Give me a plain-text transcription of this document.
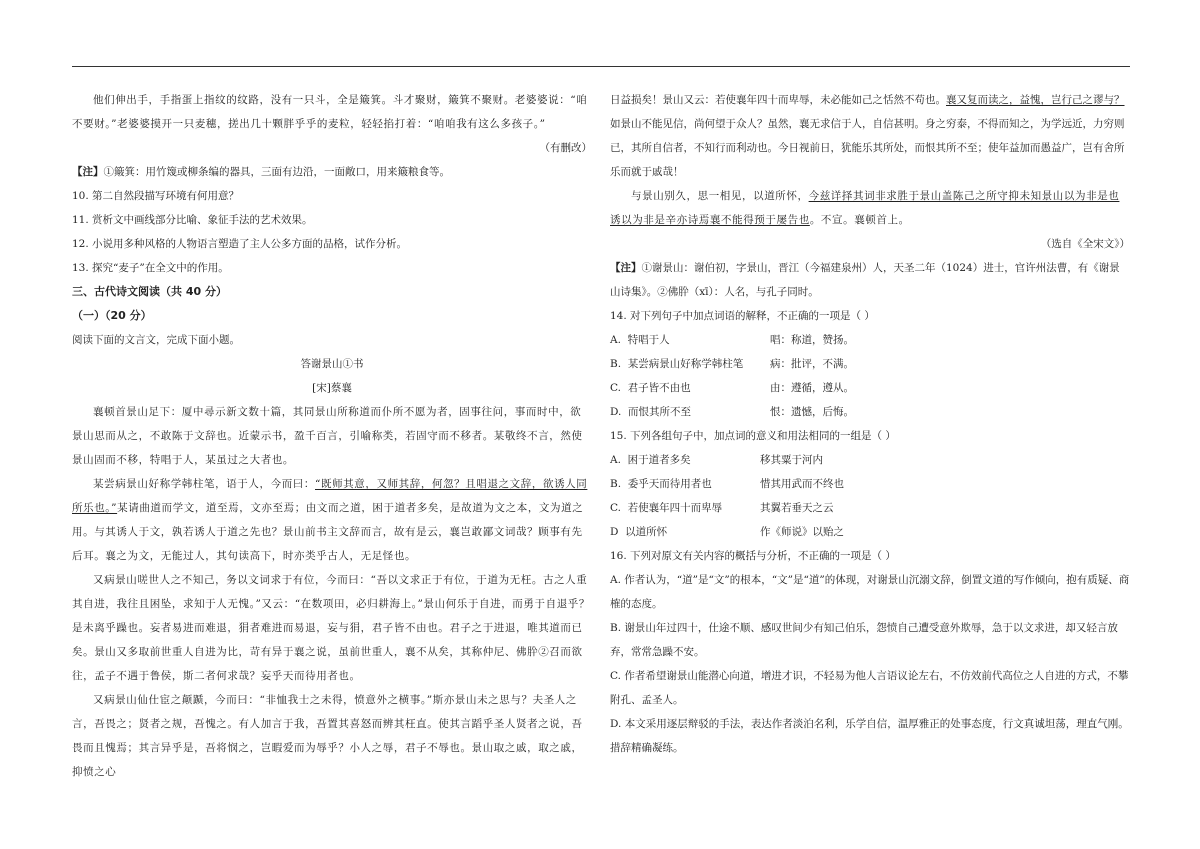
他们伸出手，手指蛋上指纹的纹路，没有一只斗，全是簸箕。斗才聚财，簸箕不聚财。老婆婆说：“咱不要财。”老婆婆摸开一只麦穗，搓出几十颗胖乎乎的麦粒，轻轻掐打着：“咱咱我有这么多孩子。”

（有删改）

【注】①簸箕：用竹篾或柳条编的器具，三面有边沿，一面敞口，用来簸粮食等。

10. 第二自然段描写环境有何用意？

11. 赏析文中画线部分比喻、象征手法的艺术效果。

12. 小说用多种风格的人物语言塑造了主人公多方面的品格，试作分析。

13. 探究“麦子”在全文中的作用。

三、古代诗文阅读（共 40 分）

（一）（20 分）

阅读下面的文言文，完成下面小题。

答谢景山①书

[宋]蔡襄

襄顿首景山足下：厦中尋示新文数十篇，其同景山所称道而仆所不愿为者，固事往问，事而时中，欲景山思而从之，不敢陈于文辞也。近蒙示书，盈千百言，引喻称类，若固守而不移者。某敬终不言，然使景山固而不移，特唱于人，某虽过之大者也。

某尝病景山好称学韩柱笔，语于人，今而曰：“既师其意，又师其辞，何忽？且唱退之文辞，欲诱人同所乐也。”某请曲道而学文，道至焉，文亦至焉；由文而之道，困于道者多矣，是故道为文之本，文为道之用。与其诱人于文，孰若诱人于道之先也？景山前书主文辞而言，故有是云，襄岂敢鄙文词哉？顾事有先后耳。襄之为文，无能过人，其句读高下，时亦类乎古人，无足怪也。

又病景山嗟世人之不知己，务以文词求于有位，今而曰：“吾以文求正于有位，于道为无枉。古之人重其自进，我往且困坠，求知于人无愧。”又云：“在数项田，必归耕海上。”景山何乐于自进，而勇于自退乎？是未离乎躁也。妄者易进而难退，狷者难进而易退，妄与狷，君子皆不由也。君子之于进退，唯其道而已矣。景山又多取前世重人自进为比，苛有异于襄之说，虽前世重人，襄不从矣，其称仲尼、佛肸②召而欲往，孟子不遇于鲁侯，斯二者何求哉？妄乎天而待用者也。

又病景山仙仕宦之颠踬，今而曰：“非恤我士之未得，愤意外之横事。”斯亦景山未之思与？夫圣人之言，吾畏之；贤者之规，吾愧之。有人加言于我，吾置其喜怒而辨其枉直。使其言蹈乎圣人贤者之说，吾畏而且愧焉；其言异乎是，吾将悯之，岂暇爱而为辱乎？小人之辱，君子不辱也。景山取之戚，取之戚，抑愤之心

日益损矣！景山又云：若使襄年四十而卑辱，未必能如己之恬然不苟也。襄又复而读之，益愧，岂行己之谬与？如景山不能见信，尚何望于众人？虽然，襄无求信于人，自信甚明。身之穷泰，不得而知之，为学远近，力穷则已，其所自信者，不知行而利动也。今日视前日，犹能乐其所处，而恨其所不至；使年益加而愚益广，岂有舍所乐而就于戚哉！

与景山别久，思一相见，以道所怀，今兹详择其词非求胜于景山盖陈己之所守抑未知景山以为非是也诱以为非是辛亦诗焉襄不能得预于屡告也。不宣。襄顿首上。

（选自《全宋文》）

【注】①谢景山：谢伯初，字景山，晋江（今福建泉州）人，天圣二年（1024）进士，官许州法曹，有《谢景山诗集》。②佛肸（xī）：人名，与孔子同时。

14. 对下列句子中加点词语的解释，不正确的一项是（ ）

A.  特唱于人	唱：称道，赞扬。

B.  某尝病景山好称学韩柱笔	病：批评，不满。

C.  君子皆不由也	由：遵循，遵从。

D.  而恨其所不至	恨：遗憾，后悔。

15. 下列各组句子中，加点词的意义和用法相同的一组是（ ）

A.  困于道者多矣	移其粟于河内

B.  委乎天而待用者也	惜其用武而不终也

C.  若使襄年四十而卑辱	其翼若垂天之云

D  以道所怀	作《师说》以贻之

16. 下列对原文有关内容的概括与分析，不正确的一项是（ ）

A. 作者认为，“道”是“文”的根本，“文”是“道”的体现，对谢景山沉溺文辞，倒置文道的写作倾向，抱有质疑、商榷的态度。

B. 谢景山年过四十，仕途不顺、感叹世间少有知己伯乐，怨愤自己遭受意外欺辱，急于以文求进，却又轻言放弃，常常急躁不安。

C. 作者希望谢景山能潜心向道，增进才识，不轻易为他人言语议论左右，不仿效前代高位之人自进的方式，不攀附孔、孟圣人。

D. 本文采用逐层辩驳的手法，表达作者淡泊名利，乐学自信，温厚雅正的处事态度，行文真诚坦荡，理直气刚。措辞精确凝练。
